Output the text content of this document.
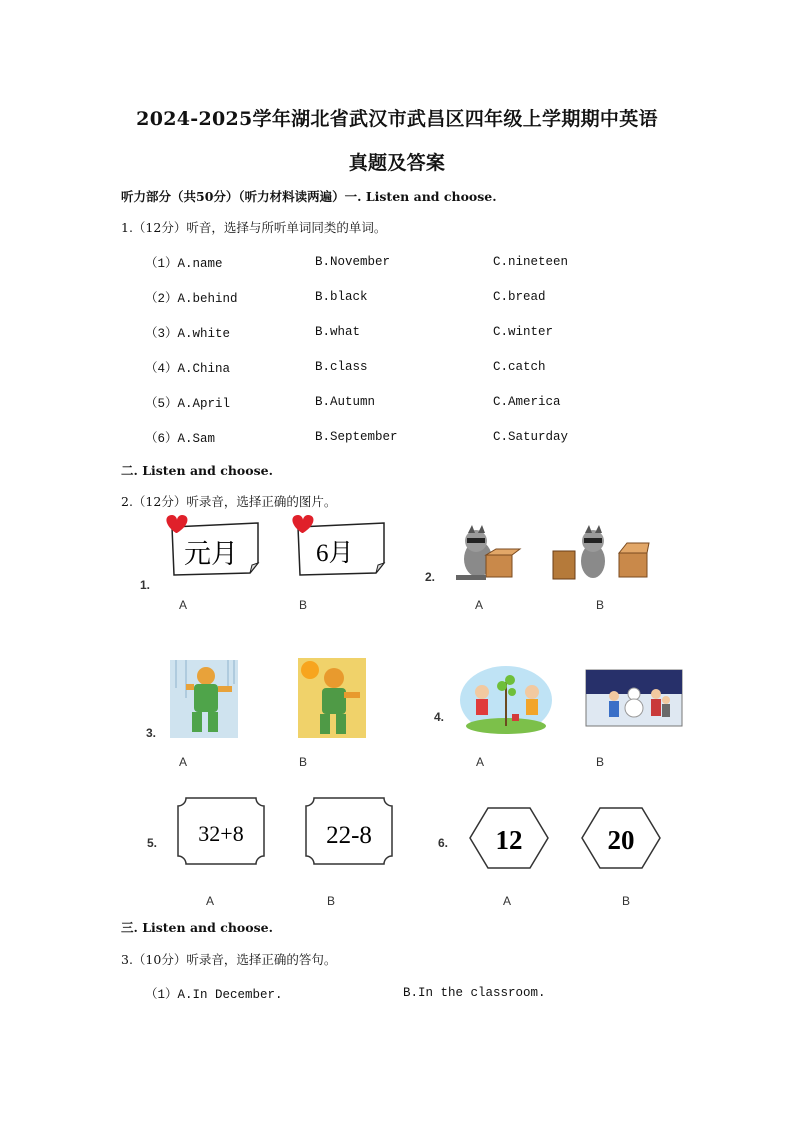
2024-2025学年湖北省武汉市武昌区四年级上学期期中英语
真题及答案
听力部分（共50分）（听力材料读两遍）一. Listen and choose.
1.（12分）听音，选择与所听单词同类的单词。
（1）A.name	B.November	C.nineteen
（2）A.behind	B.black	C.bread
（3）A.white	B.what	C.winter
（4）A.China	B.class	C.catch
（5）A.April	B.Autumn	C.America
（6）A.Sam	B.September	C.Saturday
二. Listen and choose.
2.（12分）听录音，选择正确的图片。
1.
元月	6月
A	B
2.
A	B
3.
A	B
4.
A	B
5. 32+8	22-8
A	B
6. 12	20
A	B
三. Listen and choose.
3.（10分）听录音，选择正确的答句。
（1）A.In December.	B.In the classroom.
